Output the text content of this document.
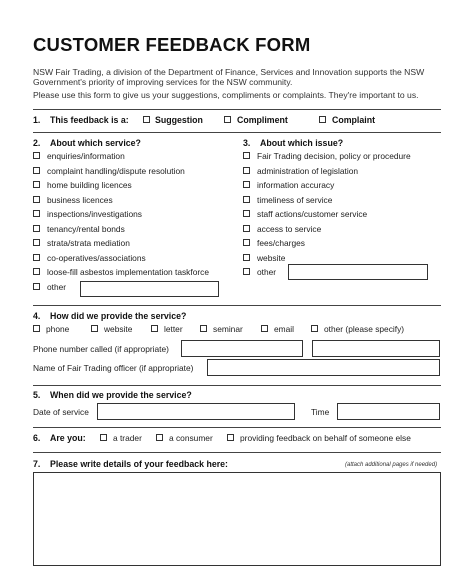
CUSTOMER FEEDBACK FORM
NSW Fair Trading, a division of the Department of Finance, Services and Innovation supports the NSW
Government's priority of improving services for the NSW community.
Please use this form to give us your suggestions, compliments or complaints. They're important to us.
1. This feedback is a:	Suggestion	Compliment	Complaint
2. About which service?	3. About which issue?
enquiries/information
complaint handling/dispute resolution
home building licences
business licences
inspections/investigations
tenancy/rental bonds
strata/strata mediation
co-operatives/associations
loose-fill asbestos implementation taskforce
other
Fair Trading decision, policy or procedure
administration of legislation
information accuracy
timeliness of service
staff actions/customer service
access to service
fees/charges
website
other
4. How did we provide the service?
phone	website	letter	seminar	email	other (please specify)
Phone number called (if appropriate)
Name of Fair Trading officer (if appropriate)
5. When did we provide the service?
Date of service	Time
6. Are you:	a trader	a consumer	providing feedback on behalf of someone else
7. Please write details of your feedback here:	(attach additional pages if needed)
